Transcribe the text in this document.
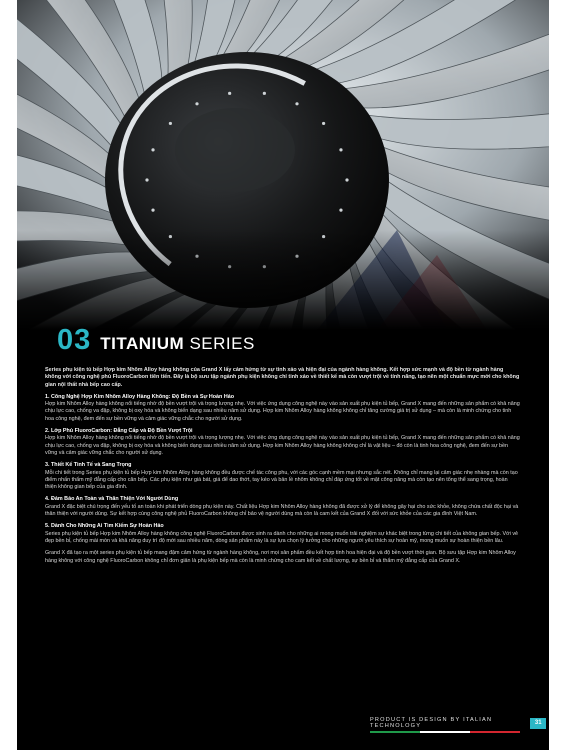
03 TITANIUM SERIES

Series phụ kiện tủ bếp Hợp kim Nhôm Alloy hàng không của Grand X lấy cảm hứng từ sự tinh xảo và hiện đại của ngành hàng không. Kết hợp sức mạnh và độ bền từ ngành hàng không với công nghệ phủ FluoroCarbon tiên tiến. Đây là bộ sưu tập ngành phụ kiện không chỉ tinh xảo về thiết kế mà còn vượt trội về tính năng, tạo nên một chuẩn mực mới cho không gian nội thất nhà bếp cao cấp.

1. Công Nghệ Hợp Kim Nhôm Alloy Hàng Không: Độ Bền và Sự Hoàn Hảo
Hợp kim Nhôm Alloy hàng không nổi tiếng nhờ độ bền vượt trội và trọng lượng nhẹ. Với việc ứng dụng công nghệ này vào sản xuất phụ kiện tủ bếp, Grand X mang đến những sản phẩm có khả năng chịu lực cao, chống va đập, không bị oxy hóa và không biến dạng sau nhiều năm sử dụng. Hợp kim Nhôm Alloy hàng không không chỉ tăng cường giá trị sử dụng – mà còn là minh chứng cho tinh hoa công nghệ, đem đến sự bền vững và cảm giác vững chắc cho người sử dụng.

2. Lớp Phủ FluoroCarbon: Đẳng Cấp và Độ Bền Vượt Trội
Hợp kim Nhôm Alloy hàng không nổi tiếng nhờ độ bền vượt trội và trọng lượng nhẹ. Với việc ứng dụng công nghệ này vào sản xuất phụ kiện tủ bếp, Grand X mang đến những sản phẩm có khả năng chịu lực cao, chống va đập, không bị oxy hóa và không biến dạng sau nhiều năm sử dụng. Hợp kim Nhôm Alloy hàng không không chỉ là vật liệu – đó còn là tinh hoa công nghệ, đem đến sự bền vững và cảm giác vững chắc cho người sử dụng.

3. Thiết Kế Tinh Tế và Sang Trọng
Mỗi chi tiết trong Series phụ kiện tủ bếp Hợp kim Nhôm Alloy hàng không đều được chế tác công phu, với các góc cạnh mềm mại nhưng sắc nét. Không chỉ mang lại cảm giác nhẹ nhàng mà còn tạo điểm nhấn thẩm mỹ đẳng cấp cho căn bếp. Các phụ kiện như giá bát, giá để dao thớt, tay kéo và bản lề nhôm không chỉ đáp ứng tốt về mặt công năng mà còn tạo nên tổng thể sang trọng, hoàn thiện không gian bếp của gia đình.

4. Đảm Bảo An Toàn và Thân Thiện Với Người Dùng
Grand X đặc biệt chú trọng đến yếu tố an toàn khi phát triển dòng phụ kiện này. Chất liệu Hợp kim Nhôm Alloy hàng không đã được xử lý để không gây hại cho sức khỏe, không chứa chất độc hại và thân thiện với người dùng. Sự kết hợp cùng công nghệ phủ FluoroCarbon không chỉ bảo vệ người dùng mà còn là cam kết của Grand X đối với sức khỏe của các gia đình Việt Nam.

5. Dành Cho Những Ai Tìm Kiếm Sự Hoàn Hảo
Series phụ kiện tủ bếp Hợp kim Nhôm Alloy hàng không công nghệ FluoroCarbon được sinh ra dành cho những ai mong muốn trải nghiệm sự khác biệt trong từng chi tiết của không gian bếp. Với vẻ đẹp bền bỉ, chống mài mòn và khả năng duy trì độ mới sau nhiều năm, dòng sản phẩm này là sự lựa chọn lý tưởng cho những người yêu thích sự hoàn mỹ, mong muốn sự hoàn thiện bền lâu.

Grand X đã tạo ra một series phụ kiện tủ bếp mang đậm cảm hứng từ ngành hàng không, nơi mọi sản phẩm đều kết hợp tinh hoa hiện đại và độ bền vượt thời gian. Bộ sưu tập Hợp kim Nhôm Alloy hàng không với công nghệ FluoroCarbon không chỉ đơn giản là phụ kiện bếp mà còn là minh chứng cho cam kết về chất lượng, sự bền bỉ và thẩm mỹ đẳng cấp của Grand X.

PRODUCT IS DESIGN BY ITALIAN TECHNOLOGY	31
